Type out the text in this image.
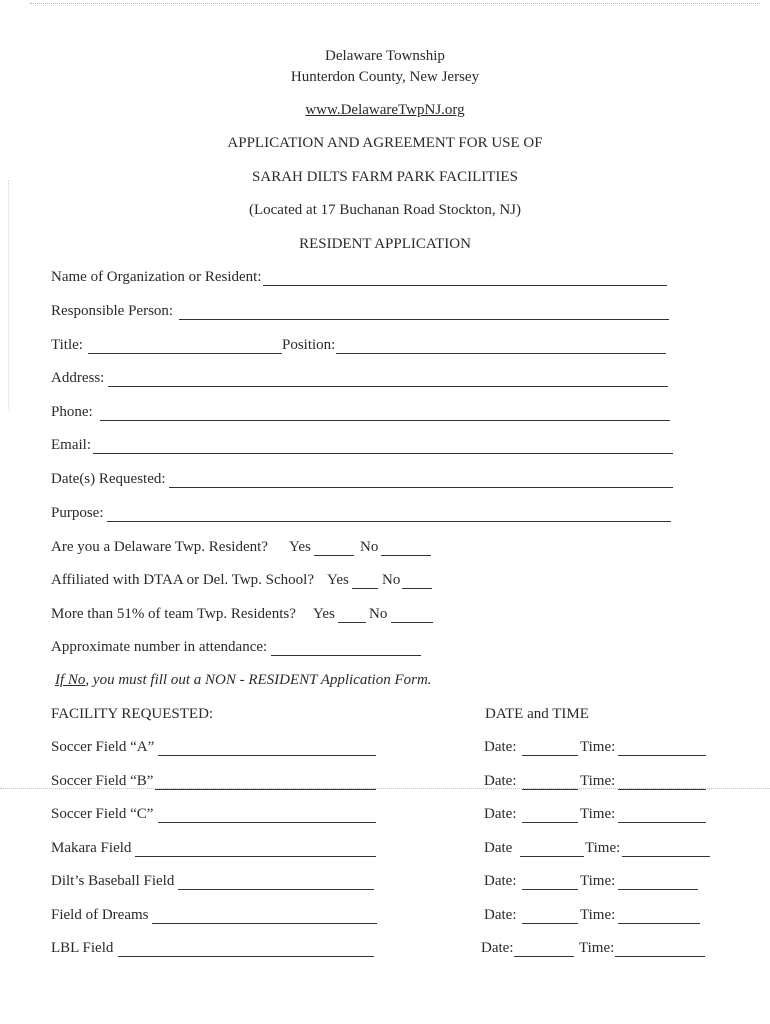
Delaware Township
Hunterdon County, New Jersey
www.DelawareTwpNJ.org
APPLICATION AND AGREEMENT FOR USE OF
SARAH DILTS FARM PARK FACILITIES
(Located at 17 Buchanan Road Stockton, NJ)
RESIDENT APPLICATION
Name of Organization or Resident:
Responsible Person:
Title:	Position:
Address:
Phone:
Email:
Date(s) Requested:
Purpose:
Are you a Delaware Twp. Resident? Yes	No
Affiliated with DTAA or Del. Twp. School? Yes No
More than 51% of team Twp. Residents? Yes No
Approximate number in attendance:
If No, you must fill out a NON - RESIDENT Application Form.
FACILITY REQUESTED:	DATE and TIME
Soccer Field “A”	Date:	Time:
Soccer Field “B”	Date:	Time:
Soccer Field “C”	Date:	Time:
Makara Field	Date	Time:
Dilt’s Baseball Field	Date:	Time:
Field of Dreams	Date:	Time:
LBL Field	Date:	Time:
